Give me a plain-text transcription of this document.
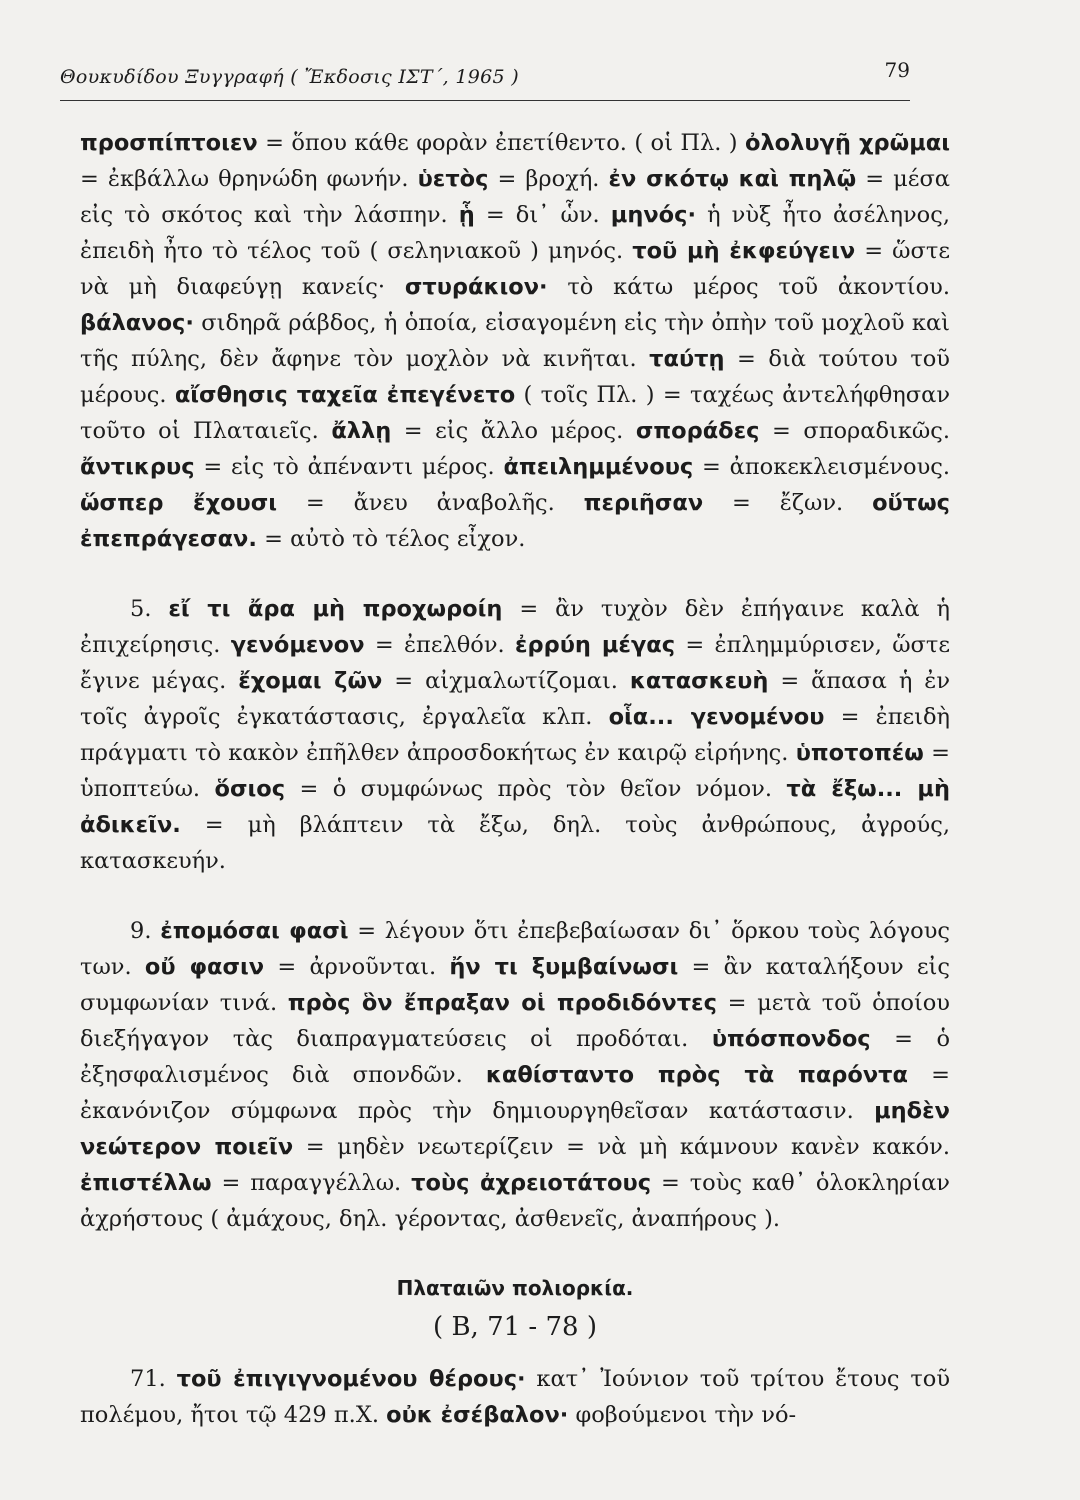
Θουκυδίδου Ξυγγραφή ( Ἔκδοσις ΙΣΤ΄, 1965 )	79

προσπίπτοιεν = ὅπου κάθε φορὰν ἐπετίθεντο. ( οἱ Πλ. ) ὀλολυγῇ χρῶμαι = ἐκβάλλω θρηνώδη φωνήν. ὑετὸς = βροχή. ἐν σκότῳ καὶ πηλῷ = μέσα εἰς τὸ σκότος καὶ τὴν λάσπην. ᾗ = δι᾽ ὧν. μηνός· ἡ νὺξ ἦτο ἀσέληνος, ἐπειδὴ ἦτο τὸ τέλος τοῦ ( σεληνιακοῦ ) μηνός. τοῦ μὴ ἐκφεύγειν = ὥστε νὰ μὴ διαφεύγῃ κανείς· στυράκιον· τὸ κάτω μέρος τοῦ ἀκοντίου. βάλανος· σιδηρᾶ ράβδος, ἡ ὁποία, εἰσαγομένη εἰς τὴν ὀπὴν τοῦ μοχλοῦ καὶ τῆς πύλης, δὲν ἄφηνε τὸν μοχλὸν νὰ κινῆται. ταύτῃ = διὰ τούτου τοῦ μέρους. αἴσθησις ταχεῖα ἐπεγένετο ( τοῖς Πλ. ) = ταχέως ἀντελήφθησαν τοῦτο οἱ Πλαταιεῖς. ἄλλῃ = εἰς ἄλλο μέρος. σποράδες = σποραδικῶς. ἄντικρυς = εἰς τὸ ἀπέναντι μέρος. ἀπειλημμένους = ἀποκεκλεισμένους. ὥσπερ ἔχουσι = ἄνευ ἀναβολῆς. περιῆσαν = ἔζων. οὕτως ἐπεπράγεσαν. = αὐτὸ τὸ τέλος εἶχον.

5. εἴ τι ἄρα μὴ προχωροίη = ἂν τυχὸν δὲν ἐπήγαινε καλὰ ἡ ἐπιχείρησις. γενόμενον = ἐπελθόν. ἐρρύη μέγας = ἐπλημμύρισεν, ὥστε ἔγινε μέγας. ἔχομαι ζῶν = αἰχμαλωτίζομαι. κατασκευὴ = ἅπασα ἡ ἐν τοῖς ἀγροῖς ἐγκατάστασις, ἐργαλεῖα κλπ. οἷα... γενομένου = ἐπειδὴ πράγματι τὸ κακὸν ἐπῆλθεν ἀπροσδοκήτως ἐν καιρῷ εἰρήνης. ὑποτοπέω = ὑποπτεύω. ὅσιος = ὁ συμφώνως πρὸς τὸν θεῖον νόμον. τὰ ἔξω... μὴ ἀδικεῖν. = μὴ βλάπτειν τὰ ἔξω, δηλ. τοὺς ἀνθρώπους, ἀγρούς, κατασκευήν.

9. ἐπομόσαι φασὶ = λέγουν ὅτι ἐπεβεβαίωσαν δι᾽ ὅρκου τοὺς λόγους των. οὔ φασιν = ἀρνοῦνται. ἤν τι ξυμβαίνωσι = ἂν καταλήξουν εἰς συμφωνίαν τινά. πρὸς ὃν ἔπραξαν οἱ προδιδόντες = μετὰ τοῦ ὁποίου διεξήγαγον τὰς διαπραγματεύσεις οἱ προδόται. ὑπόσπονδος = ὁ ἐξησφαλισμένος διὰ σπονδῶν. καθίσταντο πρὸς τὰ παρόντα = ἐκανόνιζον σύμφωνα πρὸς τὴν δημιουργηθεῖσαν κατάστασιν. μηδὲν νεώτερον ποιεῖν = μηδὲν νεωτερίζειν = νὰ μὴ κάμνουν κανὲν κακόν. ἐπιστέλλω = παραγγέλλω. τοὺς ἀχρειοτάτους = τοὺς καθ᾽ ὁλοκληρίαν ἀχρήστους ( ἀμάχους, δηλ. γέροντας, ἀσθενεῖς, ἀναπήρους ).

Πλαταιῶν πολιορκία.
( Β, 71 - 78 )

71. τοῦ ἐπιγιγνομένου θέρους· κατ᾽ Ἰούνιον τοῦ τρίτου ἔτους τοῦ πολέμου, ἤτοι τῷ 429 π.Χ. οὐκ ἐσέβαλον· φοβούμενοι τὴν νό-
